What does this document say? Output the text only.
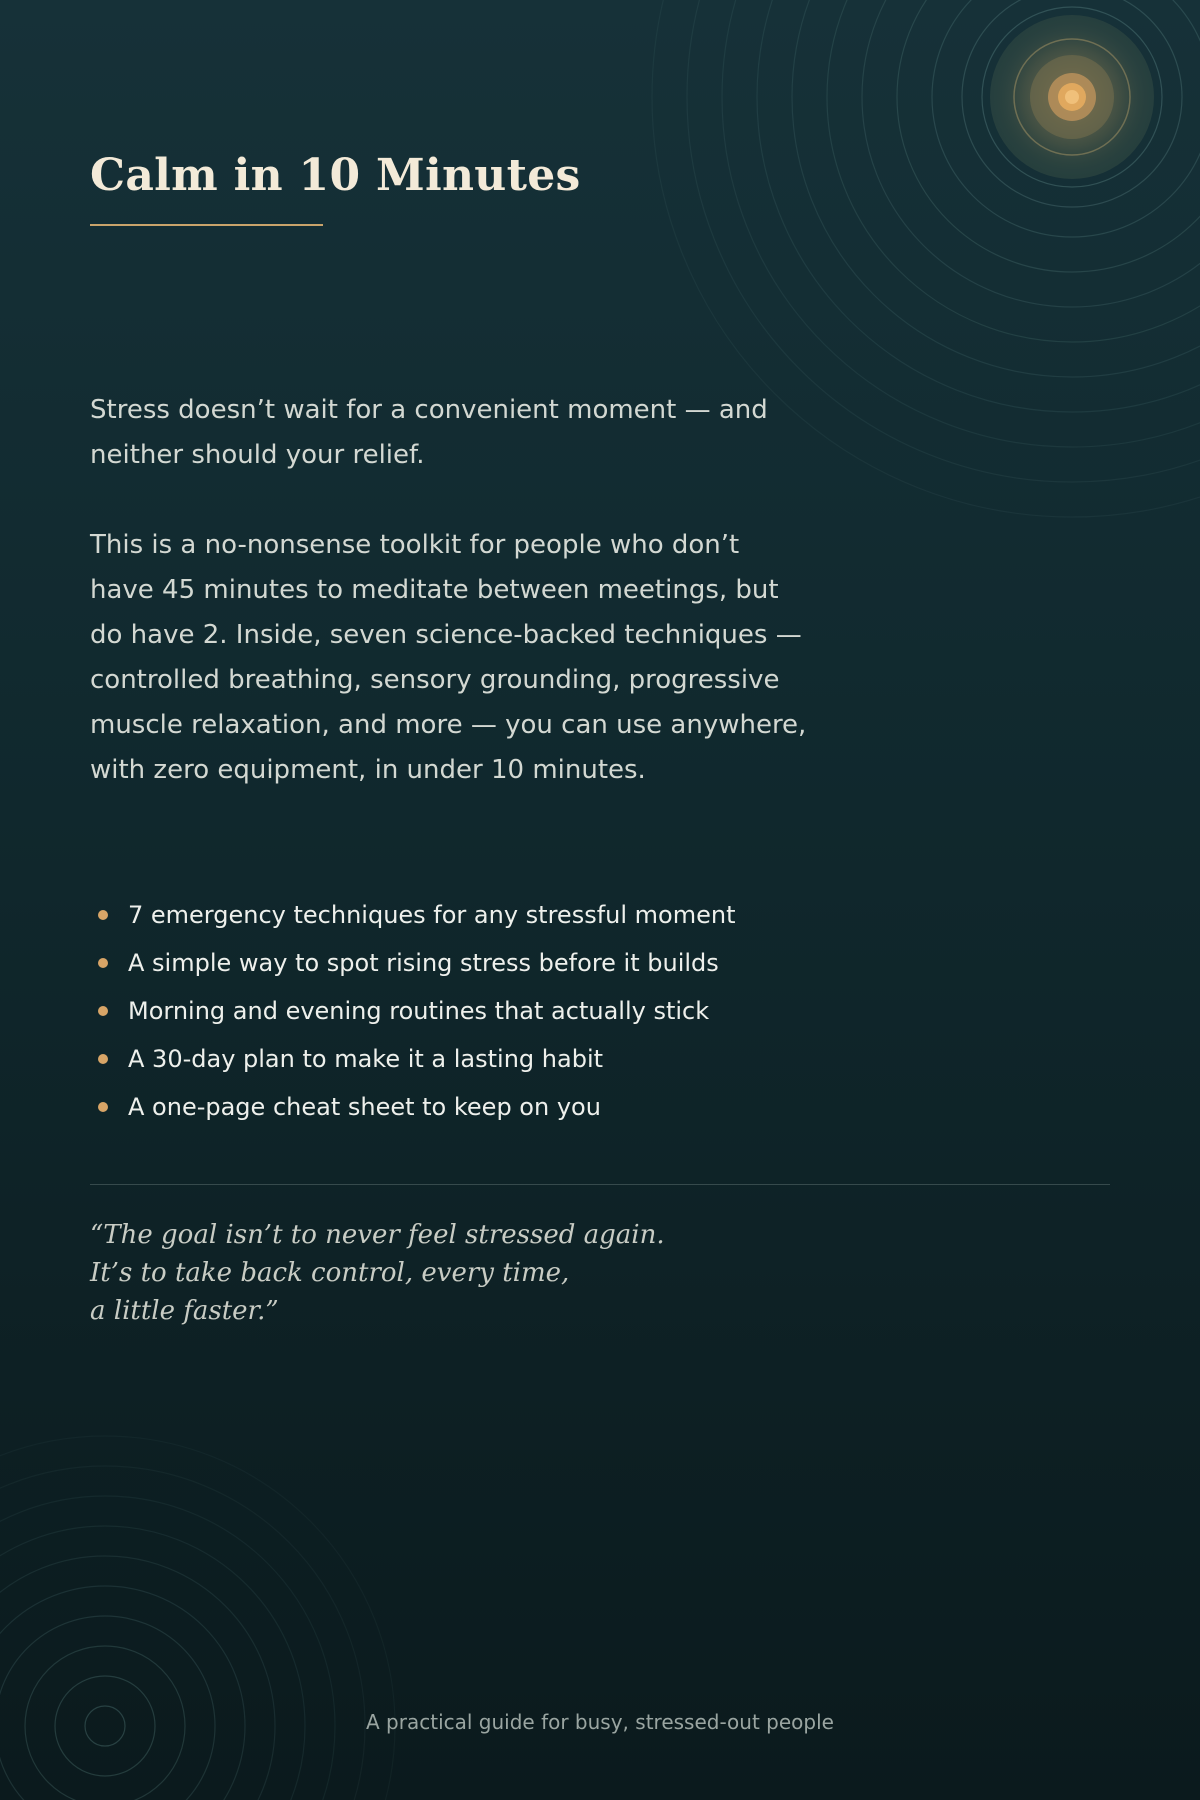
Calm in 10 Minutes

Stress doesn’t wait for a convenient moment — and neither should your relief.

This is a no-nonsense toolkit for people who don’t have 45 minutes to meditate between meetings, but do have 2. Inside, seven science-backed techniques — controlled breathing, sensory grounding, progressive muscle relaxation, and more — you can use anywhere, with zero equipment, in under 10 minutes.

7 emergency techniques for any stressful moment
A simple way to spot rising stress before it builds
Morning and evening routines that actually stick
A 30-day plan to make it a lasting habit
A one-page cheat sheet to keep on you
“The goal isn’t to never feel stressed again.
It’s to take back control, every time,
a little faster.”
A practical guide for busy, stressed-out people
